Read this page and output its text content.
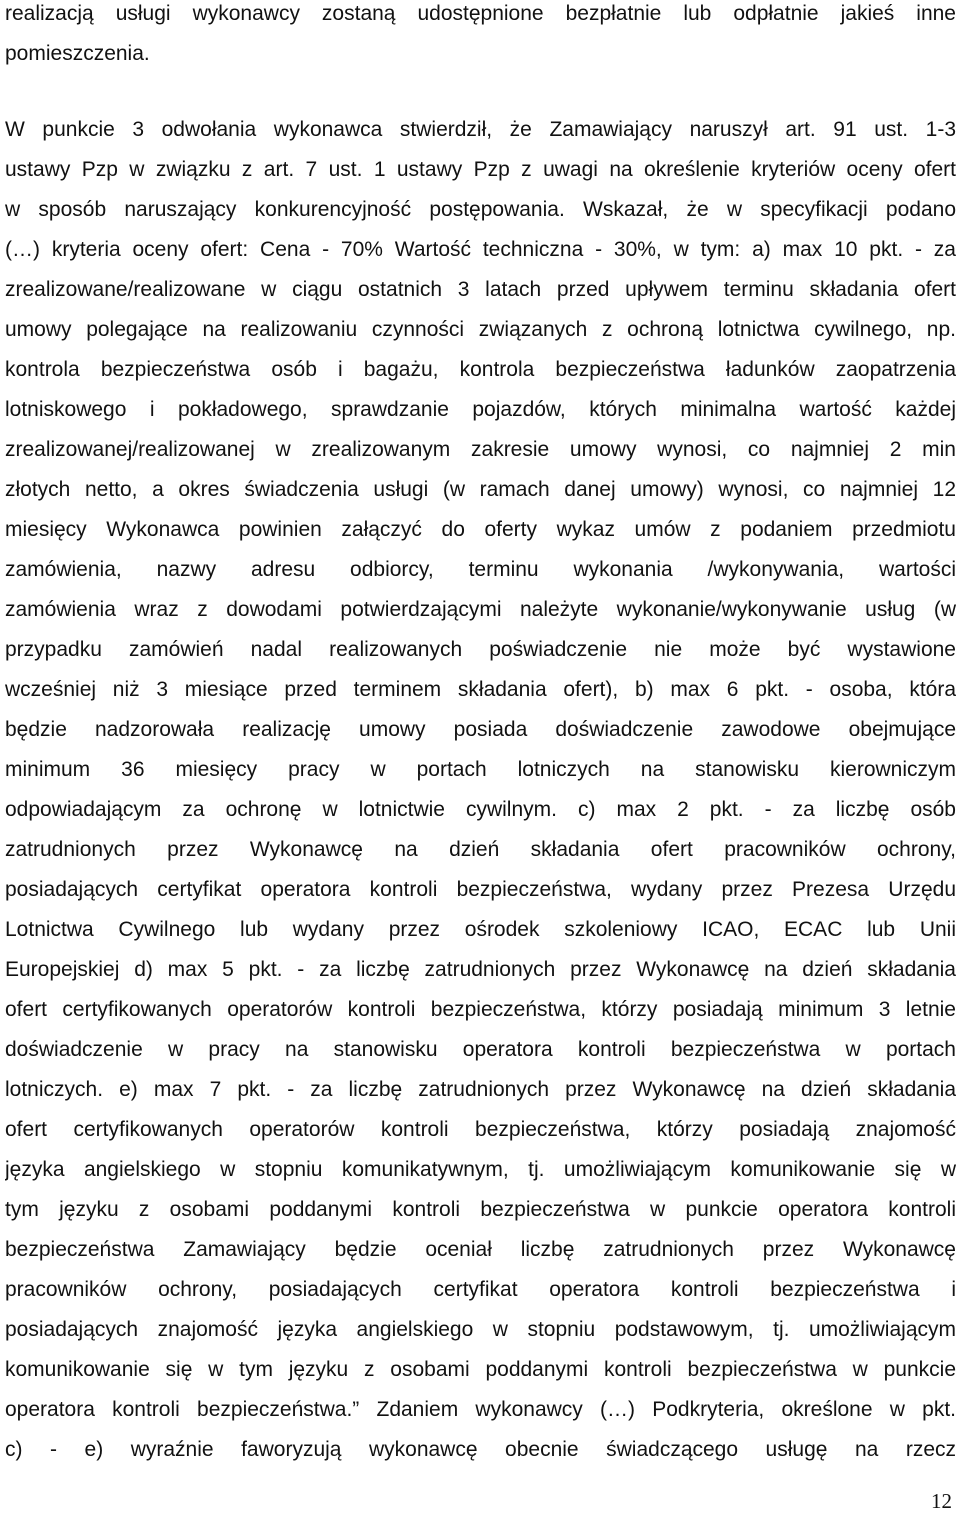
realizacją usługi wykonawcy zostaną udostępnione bezpłatnie lub odpłatnie jakieś inne
pomieszczenia.
W punkcie 3 odwołania wykonawca stwierdził, że Zamawiający naruszył art. 91 ust. 1-3
ustawy Pzp w związku z art. 7 ust. 1 ustawy Pzp z uwagi na określenie kryteriów oceny ofert
w sposób naruszający konkurencyjność postępowania. Wskazał, że w specyfikacji podano
(…) kryteria oceny ofert: Cena - 70% Wartość techniczna - 30%, w tym: a) max 10 pkt. - za
zrealizowane/realizowane w ciągu ostatnich 3 latach przed upływem terminu składania ofert
umowy polegające na realizowaniu czynności związanych z ochroną lotnictwa cywilnego, np.
kontrola bezpieczeństwa osób i bagażu, kontrola bezpieczeństwa ładunków zaopatrzenia
lotniskowego i pokładowego, sprawdzanie pojazdów, których minimalna wartość każdej
zrealizowanej/realizowanej w zrealizowanym zakresie umowy wynosi, co najmniej 2 min
złotych netto, a okres świadczenia usługi (w ramach danej umowy) wynosi, co najmniej 12
miesięcy Wykonawca powinien załączyć do oferty wykaz umów z podaniem przedmiotu
zamówienia, nazwy adresu odbiorcy, terminu wykonania /wykonywania, wartości
zamówienia wraz z dowodami potwierdzającymi należyte wykonanie/wykonywanie usług (w
przypadku zamówień nadal realizowanych poświadczenie nie może być wystawione
wcześniej niż 3 miesiące przed terminem składania ofert), b) max 6 pkt. - osoba, która
będzie nadzorowała realizację umowy posiada doświadczenie zawodowe obejmujące
minimum 36 miesięcy pracy w portach lotniczych na stanowisku kierowniczym
odpowiadającym za ochronę w lotnictwie cywilnym. c) max 2 pkt. - za liczbę osób
zatrudnionych przez Wykonawcę na dzień składania ofert pracowników ochrony,
posiadających certyfikat operatora kontroli bezpieczeństwa, wydany przez Prezesa Urzędu
Lotnictwa Cywilnego lub wydany przez ośrodek szkoleniowy ICAO, ECAC lub Unii
Europejskiej d) max 5 pkt. - za liczbę zatrudnionych przez Wykonawcę na dzień składania
ofert certyfikowanych operatorów kontroli bezpieczeństwa, którzy posiadają minimum 3 letnie
doświadczenie w pracy na stanowisku operatora kontroli bezpieczeństwa w portach
lotniczych. e) max 7 pkt. - za liczbę zatrudnionych przez Wykonawcę na dzień składania
ofert certyfikowanych operatorów kontroli bezpieczeństwa, którzy posiadają znajomość
języka angielskiego w stopniu komunikatywnym, tj. umożliwiającym komunikowanie się w
tym języku z osobami poddanymi kontroli bezpieczeństwa w punkcie operatora kontroli
bezpieczeństwa Zamawiający będzie oceniał liczbę zatrudnionych przez Wykonawcę
pracowników ochrony, posiadających certyfikat operatora kontroli bezpieczeństwa i
posiadających znajomość języka angielskiego w stopniu podstawowym, tj. umożliwiającym
komunikowanie się w tym języku z osobami poddanymi kontroli bezpieczeństwa w punkcie
operatora kontroli bezpieczeństwa.” Zdaniem wykonawcy (…) Podkryteria, określone w pkt.
c) - e) wyraźnie faworyzują wykonawcę obecnie świadczącego usługę na rzecz
12
